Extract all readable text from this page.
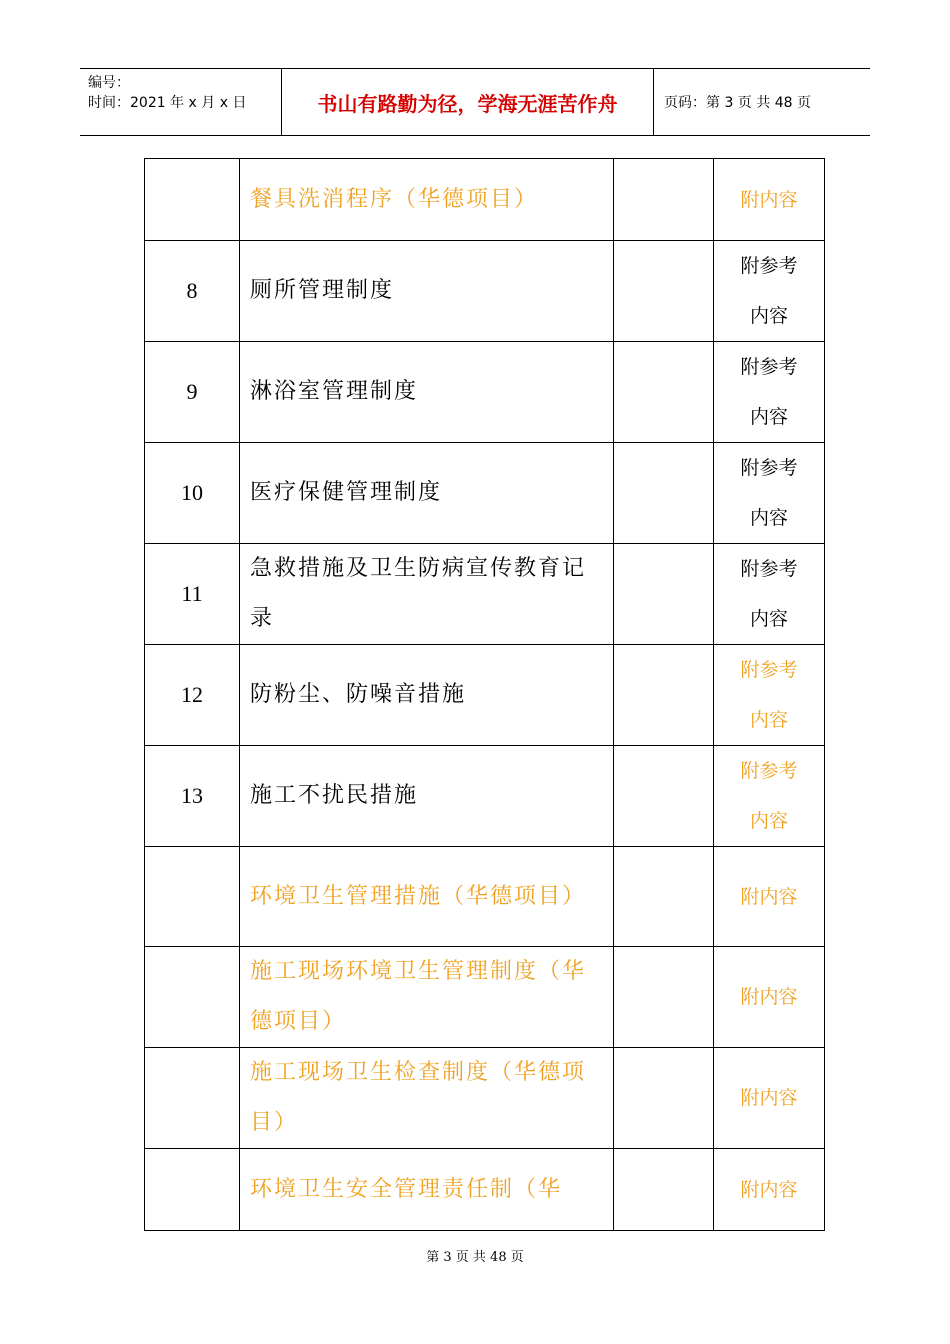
编号：
时间：2021 年 x 月 x 日	书山有路勤为径，学海无涯苦作舟	页码：第 3 页 共 48 页
	餐具洗消程序（华德项目）		附内容
8	厕所管理制度		附参考内容
9	淋浴室管理制度		附参考内容
10	医疗保健管理制度		附参考内容
11	急救措施及卫生防病宣传教育记录		附参考内容
12	防粉尘、防噪音措施		附参考内容
13	施工不扰民措施		附参考内容
	环境卫生管理措施（华德项目）		附内容
	施工现场环境卫生管理制度（华德项目）		附内容
	施工现场卫生检查制度（华德项目）		附内容
	环境卫生安全管理责任制（华		附内容
第 3 页 共 48 页
